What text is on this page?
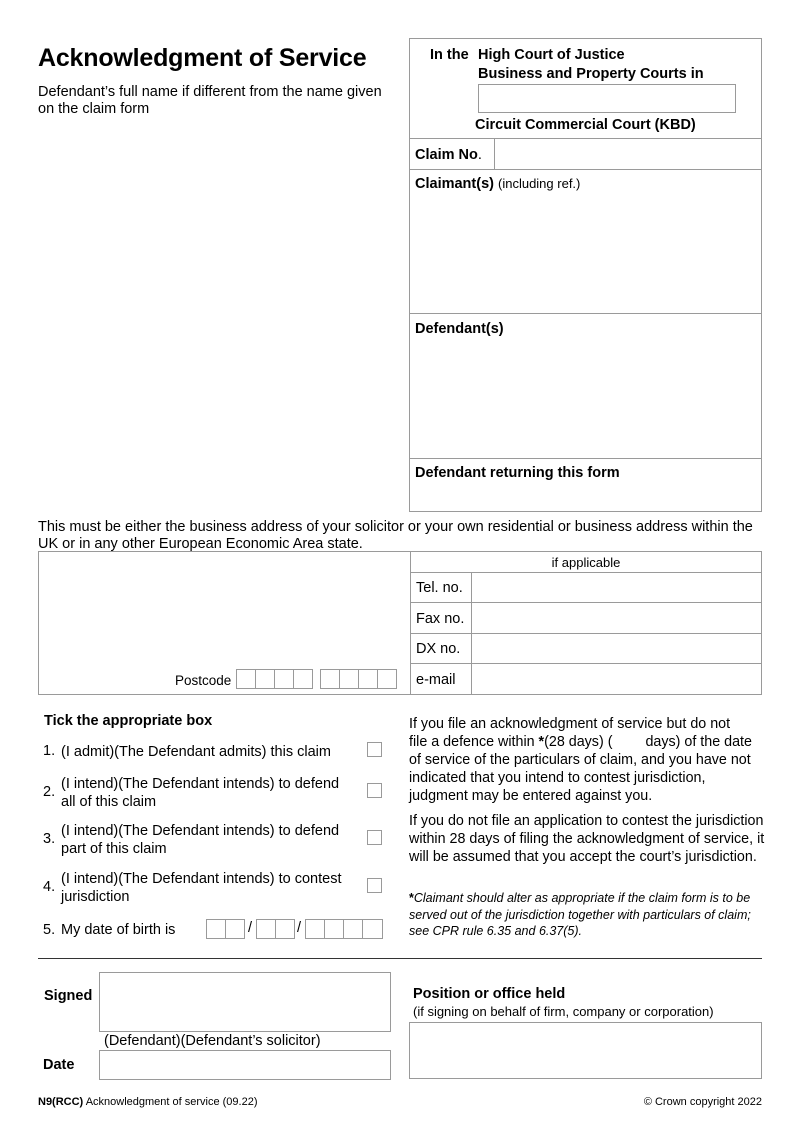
Acknowledgment of Service
Defendant’s full name if different from the name given on the claim form
In the High Court of Justice
Business and Property Courts in
Circuit Commercial Court (KBD)
Claim No.
Claimant(s) (including ref.)
Defendant(s)
Defendant returning this form
This must be either the business address of your solicitor or your own residential or business address within the UK or in any other European Economic Area state.
if applicable
Tel. no.
Fax no.
DX no.
e-mail
Postcode
Tick the appropriate box
1. (I admit)(The Defendant admits) this claim
2. (I intend)(The Defendant intends) to defend all of this claim
3. (I intend)(The Defendant intends) to defend part of this claim
4. (I intend)(The Defendant intends) to contest jurisdiction
5. My date of birth is	/	/
If you file an acknowledgment of service but do not
file a defence within *(28 days) ( days) of the date
of service of the particulars of claim, and you have not indicated that you intend to contest jurisdiction, judgment may be entered against you.
If you do not file an application to contest the jurisdiction within 28 days of filing the acknowledgment of service, it will be assumed that you accept the court’s jurisdiction.
*Claimant should alter as appropriate if the claim form is to be served out of the jurisdiction together with particulars of claim; see CPR rule 6.35 and 6.37(5).
Signed
(Defendant)(Defendant’s solicitor)
Date
Position or office held
(if signing on behalf of firm, company or corporation)
N9(RCC) Acknowledgment of service (09.22)	© Crown copyright 2022
